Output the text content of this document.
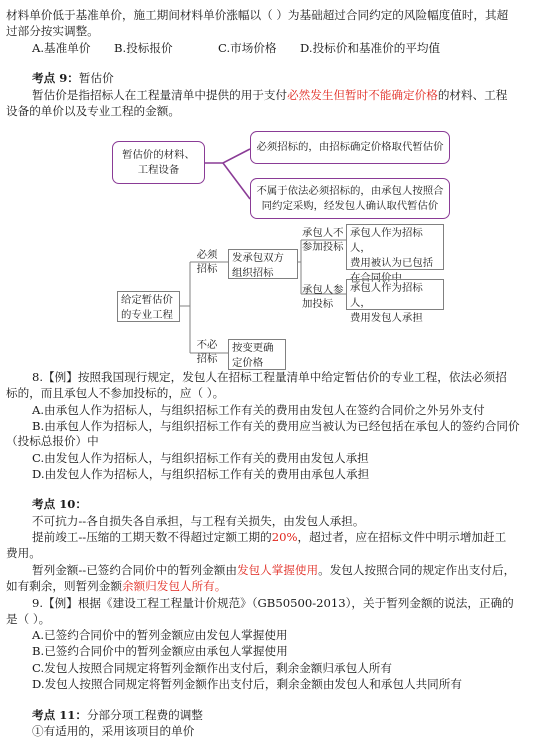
材料单价低于基准单价，施工期间材料单价涨幅以（ ）为基础超过合同约定的风险幅度值时，其超
过部分按实调整。
A.基准单价 B.投标报价	C.市场价格 D.投标价和基准价的平均值
考点 9：暂估价
暂估价是指招标人在工程量清单中提供的用于支付必然发生但暂时不能确定价格的材料、工程
设备的单价以及专业工程的金额。
暂估价的材料、
工程设备
必须招标的，由招标确定价格取代暂估价
不属于依法必须招标的，由承包人按照合
同约定采购，经发包人确认取代暂估价
给定暂估价
的专业工程
必须
招标
不必
招标
发承包双方
组织招标
按变更确
定价格
承包人不
参加投标
承包人参
加投标
承包人作为招标人，
费用被认为已包括
在合同价中
承包人作为招标人，
费用发包人承担
8.【例】按照我国现行规定，发包人在招标工程量清单中给定暂估价的专业工程，依法必须招
标的，而且承包人不参加投标的，应（ ）。
A.由承包人作为招标人，与组织招标工作有关的费用由发包人在签约合同价之外另外支付
B.由承包人作为招标人，与组织招标工作有关的费用应当被认为已经包括在承包人的签约合同价
（投标总报价）中
C.由发包人作为招标人，与组织招标工作有关的费用由发包人承担
D.由发包人作为招标人，与组织招标工作有关的费用由承包人承担
考点 10：
不可抗力--各自损失各自承担，与工程有关损失，由发包人承担。
提前竣工--压缩的工期天数不得超过定额工期的20%，超过者，应在招标文件中明示增加赶工
费用。
暂列金额--已签约合同价中的暂列金额由发包人掌握使用。发包人按照合同的规定作出支付后，
如有剩余，则暂列金额余额归发包人所有。
9.【例】根据《建设工程工程量计价规范》（GB50500-2013），关于暂列金额的说法，正确的
是（ ）。
A.已签约合同价中的暂列金额应由发包人掌握使用
B.已签约合同价中的暂列金额应由承包人掌握使用
C.发包人按照合同规定将暂列金额作出支付后，剩余金额归承包人所有
D.发包人按照合同规定将暂列金额作出支付后，剩余金额由发包人和承包人共同所有
考点 11：分部分项工程费的调整
①有适用的，采用该项目的单价
